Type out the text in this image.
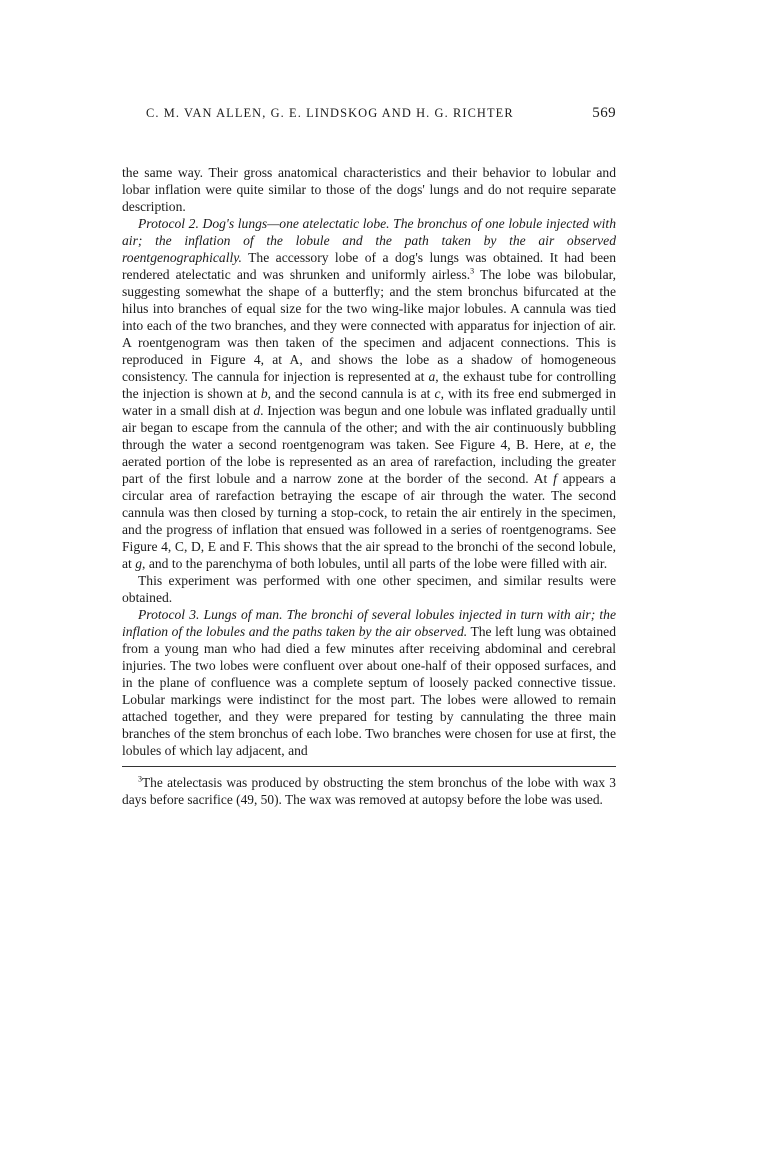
C. M. VAN ALLEN, G. E. LINDSKOG AND H. G. RICHTER	569

the same way. Their gross anatomical characteristics and their behavior to lobular and lobar inflation were quite similar to those of the dogs' lungs and do not require separate description.

Protocol 2. Dog's lungs—one atelectatic lobe. The bronchus of one lobule injected with air; the inflation of the lobule and the path taken by the air observed roentgenographically. The accessory lobe of a dog's lungs was obtained. It had been rendered atelectatic and was shrunken and uniformly airless.$^3$ The lobe was bilobular, suggesting somewhat the shape of a butterfly; and the stem bronchus bifurcated at the hilus into branches of equal size for the two wing-like major lobules. A cannula was tied into each of the two branches, and they were connected with apparatus for injection of air. A roentgenogram was then taken of the specimen and adjacent connections. This is reproduced in Figure 4, at A, and shows the lobe as a shadow of homogeneous consistency. The cannula for injection is represented at a, the exhaust tube for controlling the injection is shown at b, and the second cannula is at c, with its free end submerged in water in a small dish at d. Injection was begun and one lobule was inflated gradually until air began to escape from the cannula of the other; and with the air continuously bubbling through the water a second roentgenogram was taken. See Figure 4, B. Here, at e, the aerated portion of the lobe is represented as an area of rarefaction, including the greater part of the first lobule and a narrow zone at the border of the second. At f appears a circular area of rarefaction betraying the escape of air through the water. The second cannula was then closed by turning a stop-cock, to retain the air entirely in the specimen, and the progress of inflation that ensued was followed in a series of roentgenograms. See Figure 4, C, D, E and F. This shows that the air spread to the bronchi of the second lobule, at g, and to the parenchyma of both lobules, until all parts of the lobe were filled with air.

This experiment was performed with one other specimen, and similar results were obtained.

Protocol 3. Lungs of man. The bronchi of several lobules injected in turn with air; the inflation of the lobules and the paths taken by the air observed. The left lung was obtained from a young man who had died a few minutes after receiving abdominal and cerebral injuries. The two lobes were confluent over about one-half of their opposed surfaces, and in the plane of confluence was a complete septum of loosely packed connective tissue. Lobular markings were indistinct for the most part. The lobes were allowed to remain attached together, and they were prepared for testing by cannulating the three main branches of the stem bronchus of each lobe. Two branches were chosen for use at first, the lobules of which lay adjacent, and

$^3$The atelectasis was produced by obstructing the stem bronchus of the lobe with wax 3 days before sacrifice (49, 50). The wax was removed at autopsy before the lobe was used.
